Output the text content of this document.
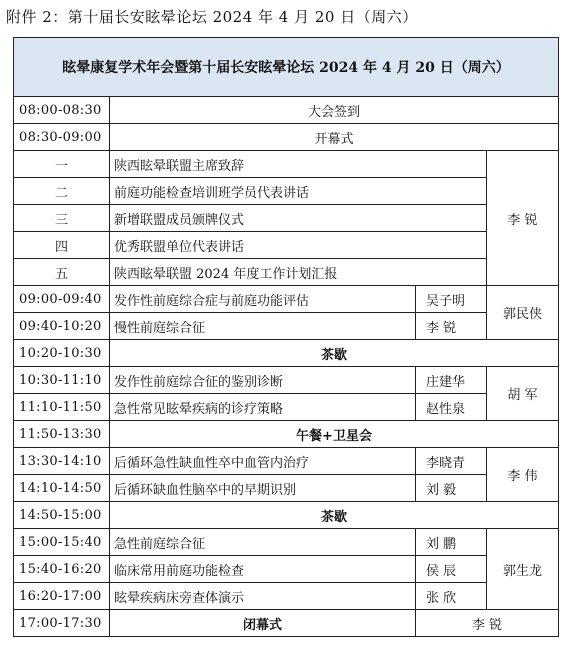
附件 2：第十届长安眩晕论坛 2024 年 4 月 20 日（周六）
眩晕康复学术年会暨第十届长安眩晕论坛 2024 年 4 月 20 日（周六）			
08:00-08:30	大会签到		
08:30-09:00	开幕式		
一	陕西眩晕联盟主席致辞		李 锐
二	前庭功能检查培训班学员代表讲话		
三	新增联盟成员颁牌仪式		
四	优秀联盟单位代表讲话		
五	陕西眩晕联盟 2024 年度工作计划汇报		
09:00-09:40	发作性前庭综合症与前庭功能评估	吴子明	郭民侠
09:40-10:20	慢性前庭综合征	李 锐	
10:20-10:30	茶歇		
10:30-11:10	发作性前庭综合征的鉴别诊断	庄建华	胡 军
11:10-11:50	急性常见眩晕疾病的诊疗策略	赵性泉	
11:50-13:30	午餐+卫星会		
13:30-14:10	后循环急性缺血性卒中血管内治疗	李晓青	李 伟
14:10-14:50	后循环缺血性脑卒中的早期识别	刘 毅	
14:50-15:00	茶歇		
15:00-15:40	急性前庭综合征	刘 鹏	郭生龙
15:40-16:20	临床常用前庭功能检查	侯 辰	
16:20-17:00	眩晕疾病床旁查体演示	张 欣	
17:00-17:30	闭幕式	李 锐	
